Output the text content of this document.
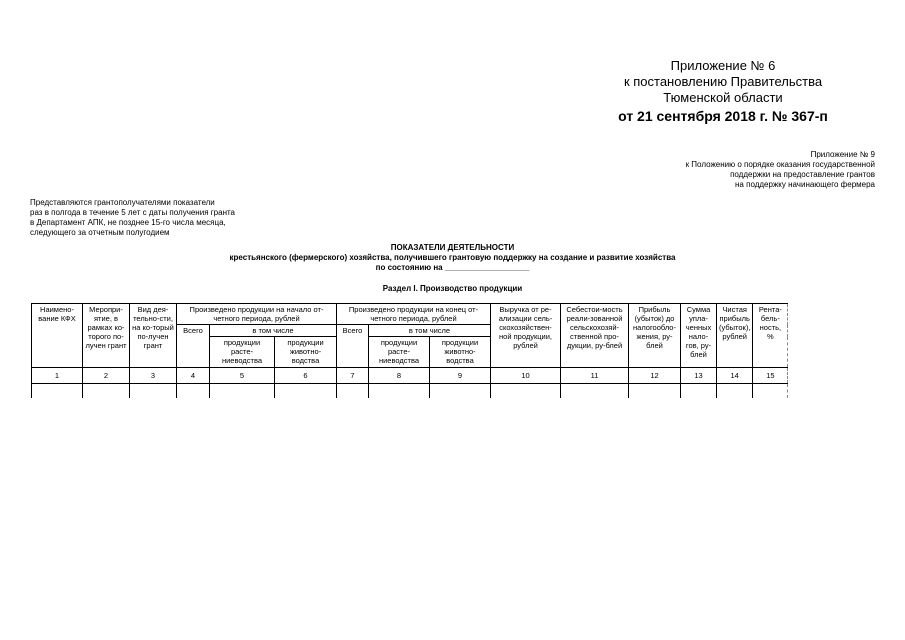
Приложение № 6
к постановлению Правительства
Тюменской области
от 21 сентября 2018 г. № 367-п
Приложение № 9
к Положению о порядке оказания государственной
поддержки на предоставление грантов
на поддержку начинающего фермера
Представляются грантополучателями показатели
раз в полгода в течение 5 лет с даты получения гранта
в Департамент АПК, не позднее 15-го числа месяца,
следующего за отчетным полугодием
ПОКАЗАТЕЛИ ДЕЯТЕЛЬНОСТИ
крестьянского (фермерского) хозяйства, получившего грантовую поддержку на создание и развитие хозяйства
по состоянию на ___________________
Раздел I. Производство продукции
Наимено-вание КФХ	Меропри-ятие, в рамках ко-торого по-лучен грант	Вид дея-тельно-сти, на ко-торый по-лучен грант	Произведено продукции на начало от-четного периода, рублей			Произведено продукции на конец от-четного периода, рублей			Выручка от ре-ализации сель-скохозяйствен-ной продукции, рублей	Себестои-мость реали-зованной сельскохозяй-ственной про-дукции, ру-блей	Прибыль (убыток) до налогообло-жения, ру-блей	Сумма упла-ченных нало-гов, ру-блей	Чистая прибыль (убыток), рублей	Рента-бель-ность, %
			Всего	в том числе		Всего	в том числе							
				продукции расте-ниеводства	продукции животно-водства		продукции расте-ниеводства	продукции животно-водства						
1	2	3	4	5	6	7	8	9	10	11	12	13	14	15
